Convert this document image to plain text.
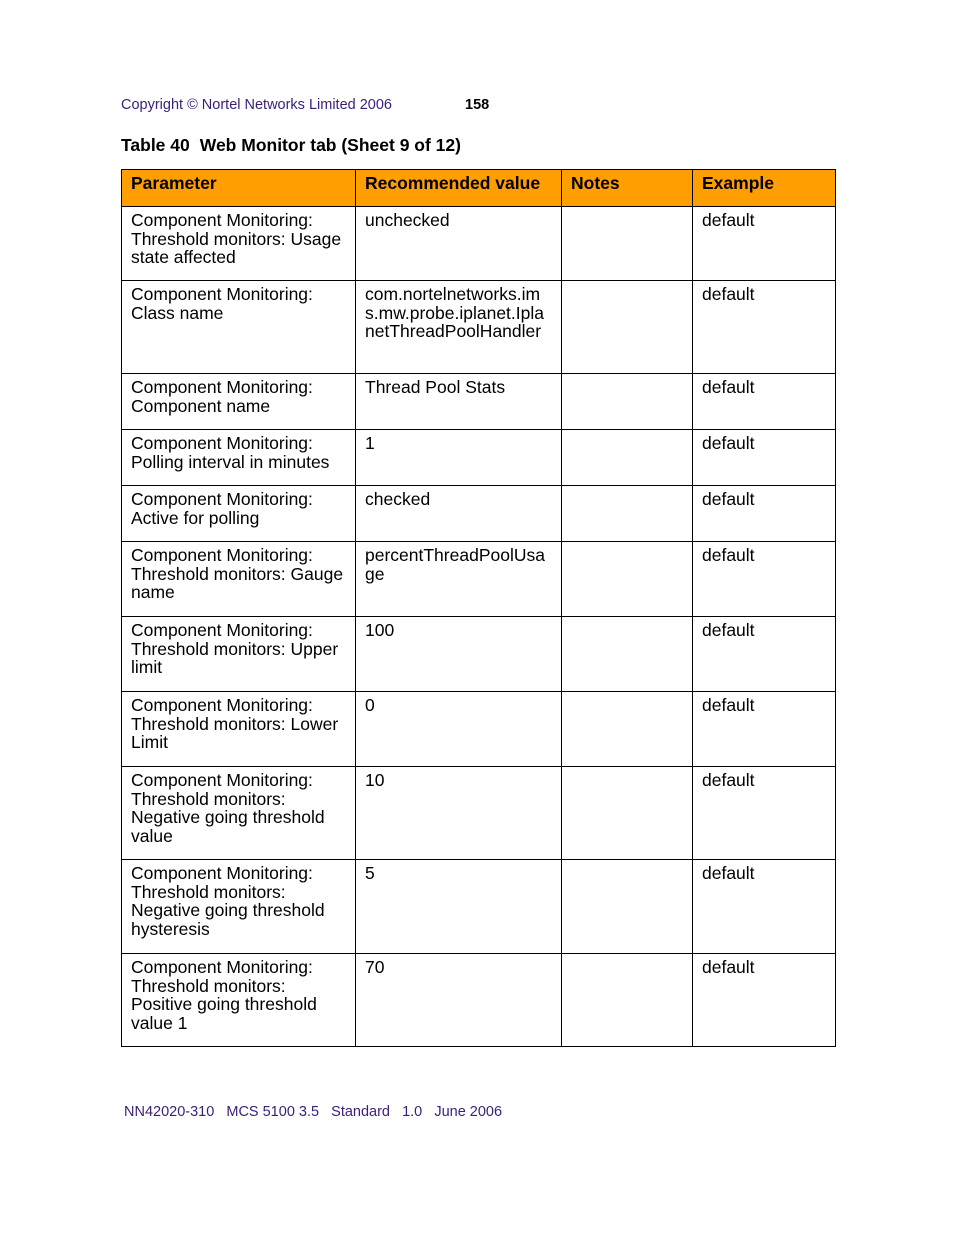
Copyright © Nortel Networks Limited 2006	158
Table 40 Web Monitor tab (Sheet 9 of 12)
Parameter	Recommended value	Notes	Example
Component Monitoring: Threshold monitors: Usage state affected	unchecked		default
Component Monitoring: Class name	com.nortelnetworks.ims.mw.probe.iplanet.IplanetThreadPoolHandler		default
Component Monitoring: Component name	Thread Pool Stats		default
Component Monitoring: Polling interval in minutes	1		default
Component Monitoring: Active for polling	checked		default
Component Monitoring: Threshold monitors: Gauge name	percentThreadPoolUsage		default
Component Monitoring: Threshold monitors: Upper limit	100		default
Component Monitoring: Threshold monitors: Lower Limit	0		default
Component Monitoring: Threshold monitors: Negative going threshold value	10		default
Component Monitoring: Threshold monitors: Negative going threshold hysteresis	5		default
Component Monitoring: Threshold monitors: Positive going threshold value 1	70		default
NN42020-310   MCS 5100 3.5   Standard   1.0   June 2006
